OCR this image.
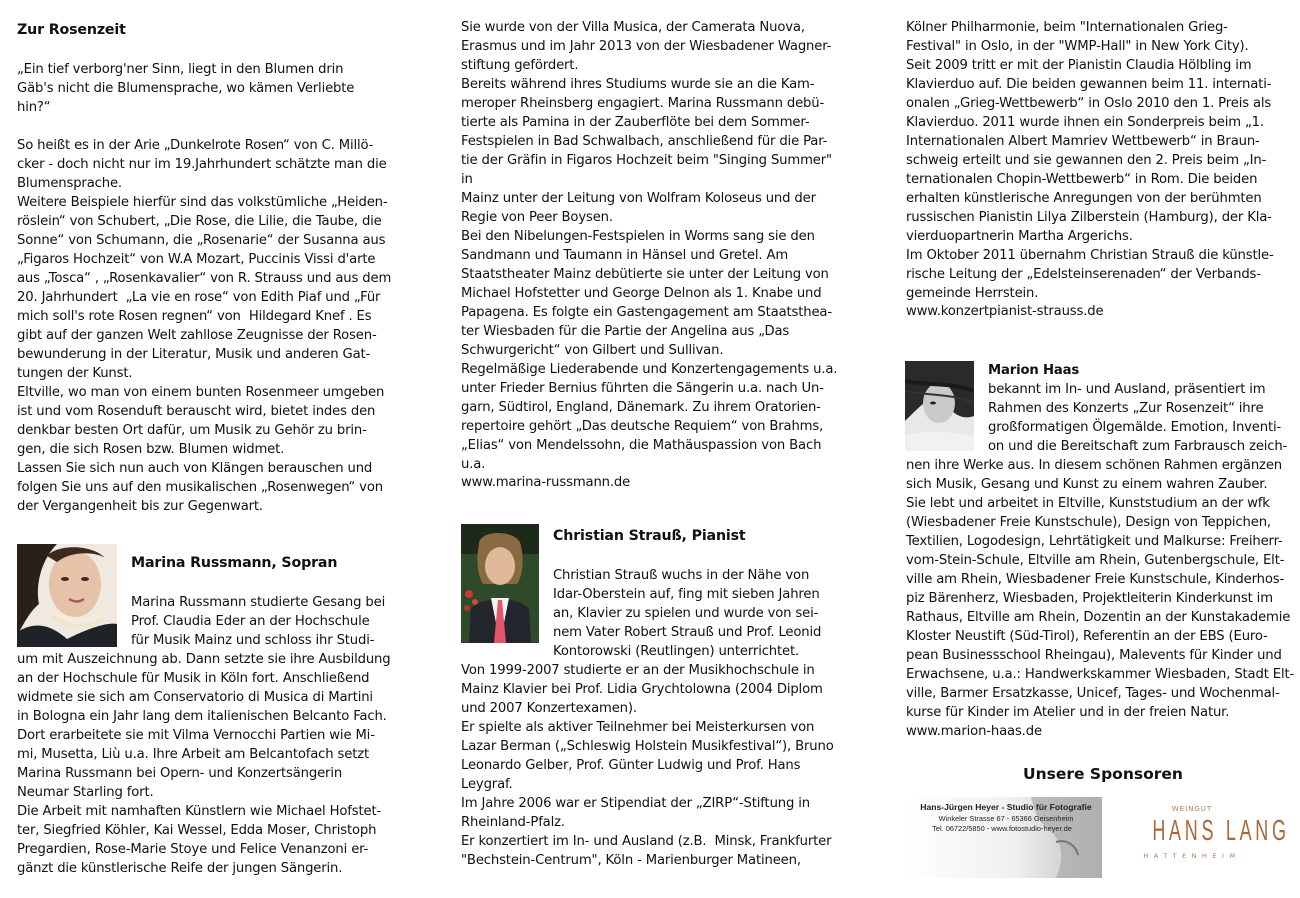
Zur Rosenzeit
„Ein tief verborg'ner Sinn, liegt in den Blumen drin
Gäb's nicht die Blumensprache, wo kämen Verliebte
hin?“
So heißt es in der Arie „Dunkelrote Rosen“ von C. Millö-
cker - doch nicht nur im 19.Jahrhundert schätzte man die
Blumensprache.
Weitere Beispiele hierfür sind das volkstümliche „Heiden-
röslein“ von Schubert, „Die Rose, die Lilie, die Taube, die
Sonne“ von Schumann, die „Rosenarie“ der Susanna aus
„Figaros Hochzeit“ von W.A Mozart, Puccinis Vissi d'arte
aus „Tosca“ , „Rosenkavalier“ von R. Strauss und aus dem
20. Jahrhundert  „La vie en rose“ von Edith Piaf und „Für
mich soll's rote Rosen regnen“ von  Hildegard Knef . Es
gibt auf der ganzen Welt zahllose Zeugnisse der Rosen-
bewunderung in der Literatur, Musik und anderen Gat-
tungen der Kunst.
Eltville, wo man von einem bunten Rosenmeer umgeben
ist und vom Rosenduft berauscht wird, bietet indes den
denkbar besten Ort dafür, um Musik zu Gehör zu brin-
gen, die sich Rosen bzw. Blumen widmet.
Lassen Sie sich nun auch von Klängen berauschen und
folgen Sie uns auf den musikalischen „Rosenwegen“ von
der Vergangenheit bis zur Gegenwart.
Marina Russmann, Sopran
Marina Russmann studierte Gesang bei
Prof. Claudia Eder an der Hochschule
für Musik Mainz und schloss ihr Studi-
um mit Auszeichnung ab. Dann setzte sie ihre Ausbildung
an der Hochschule für Musik in Köln fort. Anschließend
widmete sie sich am Conservatorio di Musica di Martini
in Bologna ein Jahr lang dem italienischen Belcanto Fach.
Dort erarbeitete sie mit Vilma Vernocchi Partien wie Mi-
mi, Musetta, Liù u.a. Ihre Arbeit am Belcantofach setzt
Marina Russmann bei Opern- und Konzertsängerin
Neumar Starling fort.
Die Arbeit mit namhaften Künstlern wie Michael Hofstet-
ter, Siegfried Köhler, Kai Wessel, Edda Moser, Christoph
Pregardien, Rose-Marie Stoye und Felice Venanzoni er-
gänzt die künstlerische Reife der jungen Sängerin.
Sie wurde von der Villa Musica, der Camerata Nuova,
Erasmus und im Jahr 2013 von der Wiesbadener Wagner-
stiftung gefördert.
Bereits während ihres Studiums wurde sie an die Kam-
meroper Rheinsberg engagiert. Marina Russmann debü-
tierte als Pamina in der Zauberflöte bei dem Sommer-
Festspielen in Bad Schwalbach, anschließend für die Par-
tie der Gräfin in Figaros Hochzeit beim "Singing Summer"
in
Mainz unter der Leitung von Wolfram Koloseus und der
Regie von Peer Boysen.
Bei den Nibelungen-Festspielen in Worms sang sie den
Sandmann und Taumann in Hänsel und Gretel. Am
Staatstheater Mainz debütierte sie unter der Leitung von
Michael Hofstetter und George Delnon als 1. Knabe und
Papagena. Es folgte ein Gastengagement am Staatsthea-
ter Wiesbaden für die Partie der Angelina aus „Das
Schwurgericht“ von Gilbert und Sullivan.
Regelmäßige Liederabende und Konzertengagements u.a.
unter Frieder Bernius führten die Sängerin u.a. nach Un-
garn, Südtirol, England, Dänemark. Zu ihrem Oratorien-
repertoire gehört „Das deutsche Requiem“ von Brahms,
„Elias“ von Mendelssohn, die Mathäuspassion von Bach
u.a.
www.marina-russmann.de
Christian Strauß, Pianist
Christian Strauß wuchs in der Nähe von
Idar-Oberstein auf, fing mit sieben Jahren
an, Klavier zu spielen und wurde von sei-
nem Vater Robert Strauß und Prof. Leonid
Kontorowski (Reutlingen) unterrichtet.
Von 1999-2007 studierte er an der Musikhochschule in
Mainz Klavier bei Prof. Lidia Grychtolowna (2004 Diplom
und 2007 Konzertexamen).
Er spielte als aktiver Teilnehmer bei Meisterkursen von
Lazar Berman („Schleswig Holstein Musikfestival“), Bruno
Leonardo Gelber, Prof. Günter Ludwig und Prof. Hans
Leygraf.
Im Jahre 2006 war er Stipendiat der „ZIRP“-Stiftung in
Rheinland-Pfalz.
Er konzertiert im In- und Ausland (z.B.  Minsk, Frankfurter
"Bechstein-Centrum", Köln - Marienburger Matineen,
Kölner Philharmonie, beim "Internationalen Grieg-
Festival" in Oslo, in der "WMP-Hall" in New York City).
Seit 2009 tritt er mit der Pianistin Claudia Hölbling im
Klavierduo auf. Die beiden gewannen beim 11. internati-
onalen „Grieg-Wettbewerb“ in Oslo 2010 den 1. Preis als
Klavierduo. 2011 wurde ihnen ein Sonderpreis beim „1.
Internationalen Albert Mamriev Wettbewerb“ in Braun-
schweig erteilt und sie gewannen den 2. Preis beim „In-
ternationalen Chopin-Wettbewerb“ in Rom. Die beiden
erhalten künstlerische Anregungen von der berühmten
russischen Pianistin Lilya Zilberstein (Hamburg), der Kla-
vierduopartnerin Martha Argerichs.
Im Oktober 2011 übernahm Christian Strauß die künstle-
rische Leitung der „Edelsteinserenaden“ der Verbands-
gemeinde Herrstein.
www.konzertpianist-strauss.de
Marion Haas
bekannt im In- und Ausland, präsentiert im
Rahmen des Konzerts „Zur Rosenzeit“ ihre
großformatigen Ölgemälde. Emotion, Inventi-
on und die Bereitschaft zum Farbrausch zeich-
nen ihre Werke aus. In diesem schönen Rahmen ergänzen
sich Musik, Gesang und Kunst zu einem wahren Zauber.
Sie lebt und arbeitet in Eltville, Kunststudium an der wfk
(Wiesbadener Freie Kunstschule), Design von Teppichen,
Textilien, Logodesign, Lehrtätigkeit und Malkurse: Freiherr-
vom-Stein-Schule, Eltville am Rhein, Gutenbergschule, Elt-
ville am Rhein, Wiesbadener Freie Kunstschule, Kinderhos-
piz Bärenherz, Wiesbaden, Projektleiterin Kinderkunst im
Rathaus, Eltville am Rhein, Dozentin an der Kunstakademie
Kloster Neustift (Süd-Tirol), Referentin an der EBS (Euro-
pean Businessschool Rheingau), Malevents für Kinder und
Erwachsene, u.a.: Handwerkskammer Wiesbaden, Stadt Elt-
ville, Barmer Ersatzkasse, Unicef, Tages- und Wochenmal-
kurse für Kinder im Atelier und in der freien Natur.
www.marion-haas.de
Unsere Sponsoren
Hans-Jürgen Heyer - Studio für Fotografie
Winkeler Strasse 67 - 65366 Geisenheim
Tel. 06722/5850 - www.fotostudio-heyer.de
WEINGUT
HANS LANG
HATTENHEIM
